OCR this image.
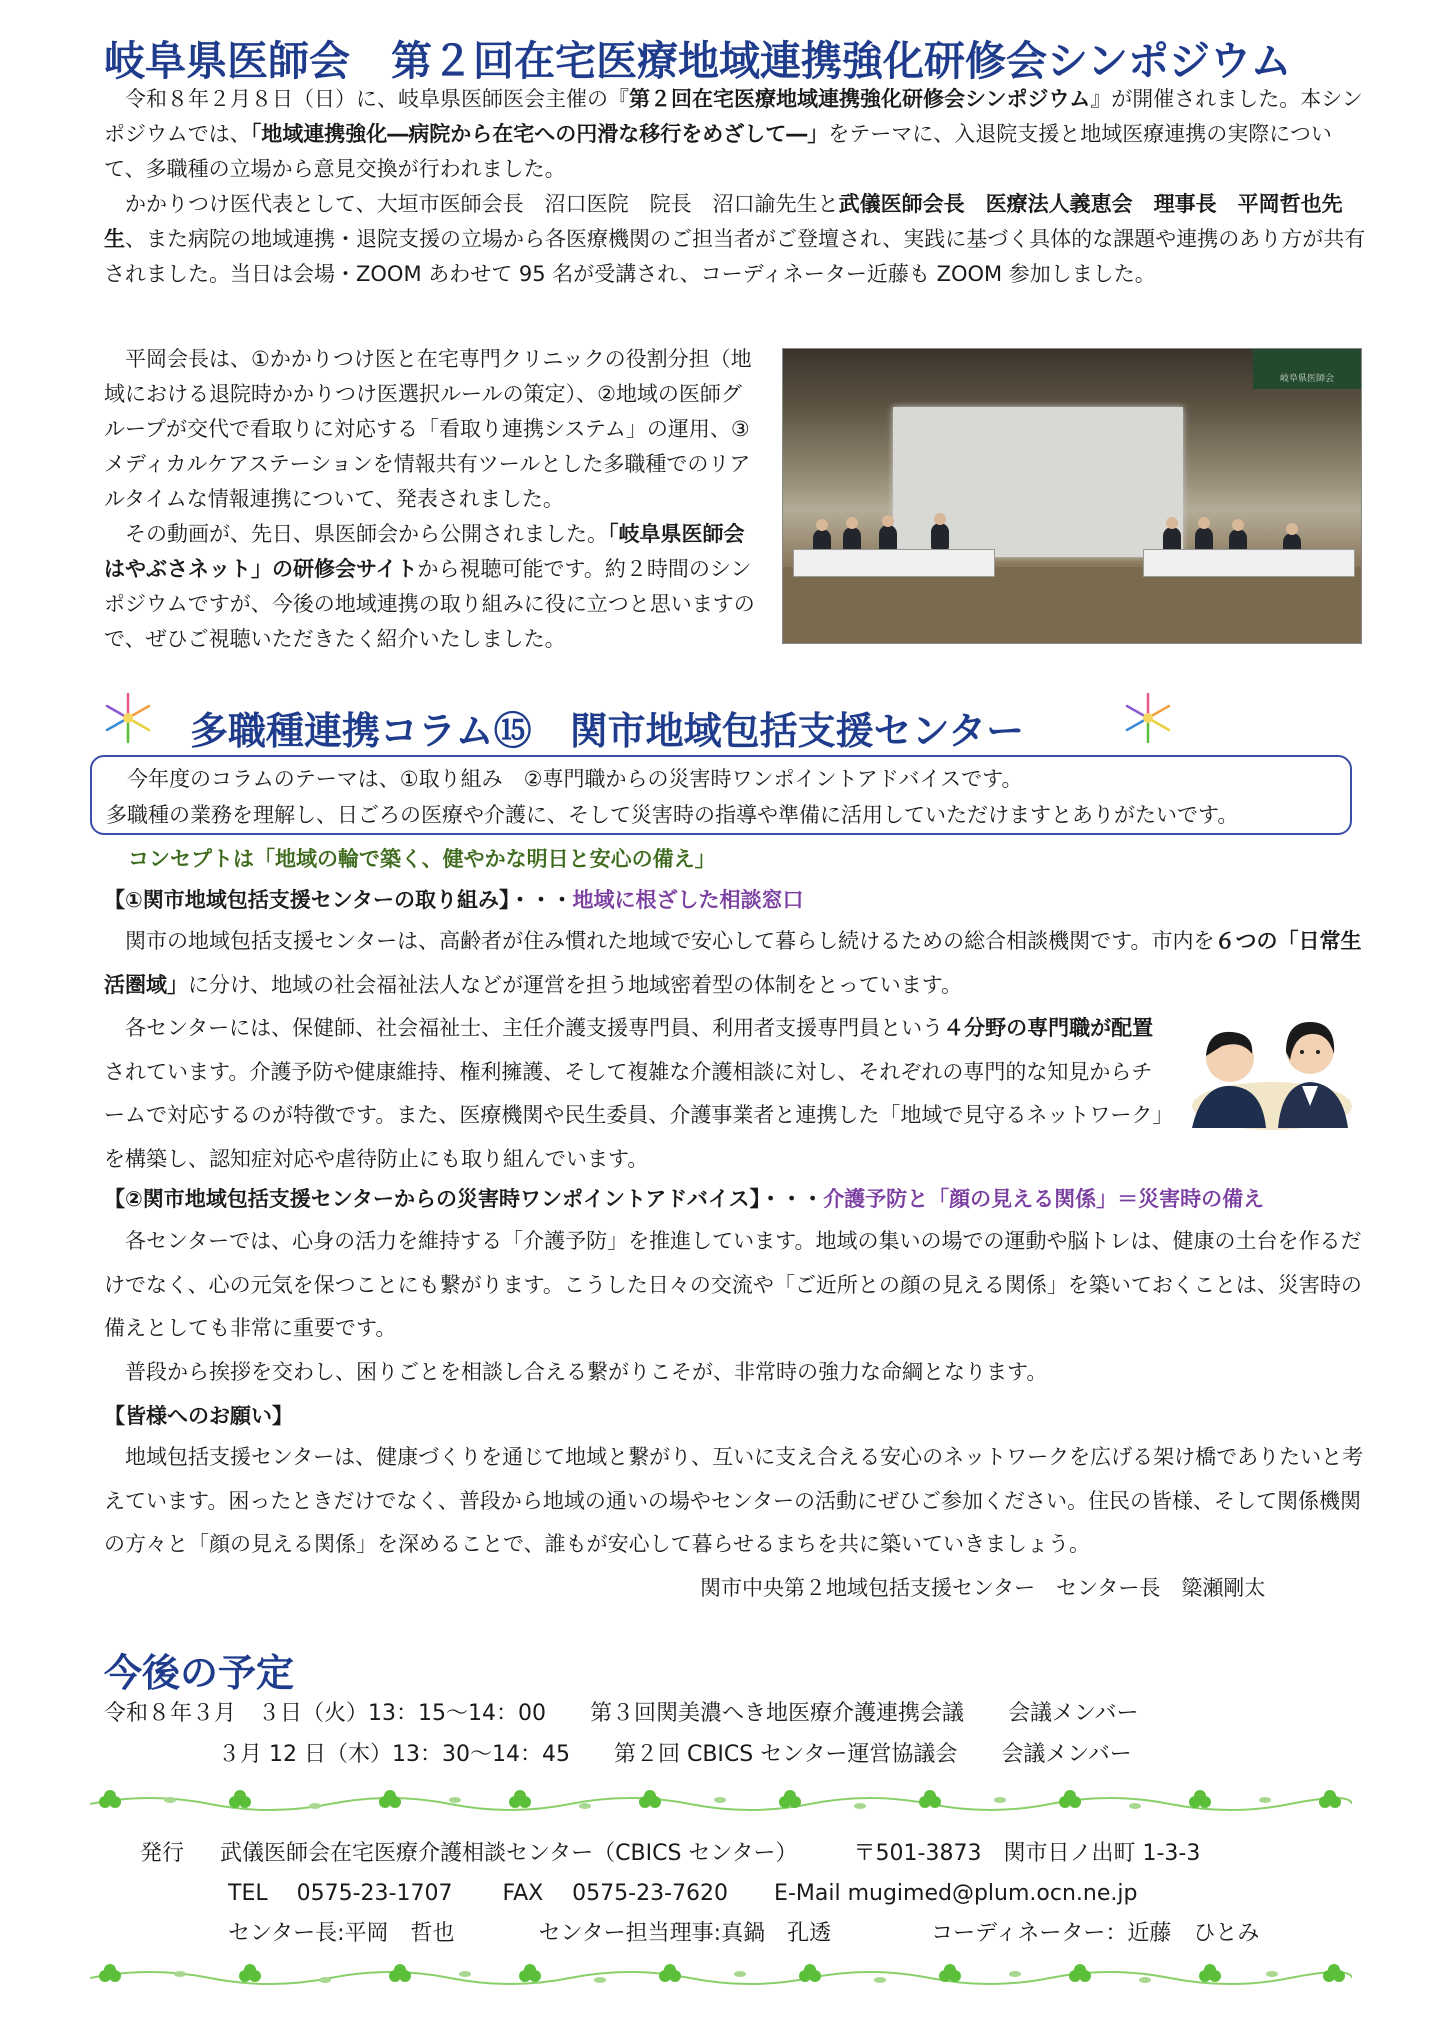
岐阜県医師会　第２回在宅医療地域連携強化研修会シンポジウム

令和８年２月８日（日）に、岐阜県医師医会主催の『第２回在宅医療地域連携強化研修会シンポジウム』が開催されました。本シンポジウムでは、「地域連携強化―病院から在宅への円滑な移行をめざして―」をテーマに、入退院支援と地域医療連携の実際について、多職種の立場から意見交換が行われました。

かかりつけ医代表として、大垣市医師会長　沼口医院　院長　沼口諭先生と武儀医師会長　医療法人義恵会　理事長　平岡哲也先生、また病院の地域連携・退院支援の立場から各医療機関のご担当者がご登壇され、実践に基づく具体的な課題や連携のあり方が共有されました。当日は会場・ZOOM あわせて 95 名が受講され、コーディネーター近藤も ZOOM 参加しました。

平岡会長は、①かかりつけ医と在宅専門クリニックの役割分担（地域における退院時かかりつけ医選択ルールの策定）、②地域の医師グループが交代で看取りに対応する「看取り連携システム」の運用、③メディカルケアステーションを情報共有ツールとした多職種でのリアルタイムな情報連携について、発表されました。

その動画が、先日、県医師会から公開されました。「岐阜県医師会　はやぶさネット」の研修会サイトから視聴可能です。約２時間のシンポジウムですが、今後の地域連携の取り組みに役に立つと思いますので、ぜひご視聴いただきたく紹介いたしました。

岐阜県医師会
多職種連携コラム⑮　関市地域包括支援センター

今年度のコラムのテーマは、①取り組み　②専門職からの災害時ワンポイントアドバイスです。

多職種の業務を理解し、日ごろの医療や介護に、そして災害時の指導や準備に活用していただけますとありがたいです。

コンセプトは「地域の輪で築く、健やかな明日と安心の備え」
【①関市地域包括支援センターの取り組み】・・・地域に根ざした相談窓口

関市の地域包括支援センターは、高齢者が住み慣れた地域で安心して暮らし続けるための総合相談機関です。市内を６つの「日常生活圏域」に分け、地域の社会福祉法人などが運営を担う地域密着型の体制をとっています。

各センターには、保健師、社会福祉士、主任介護支援専門員、利用者支援専門員という４分野の専門職が配置されています。介護予防や健康維持、権利擁護、そして複雑な介護相談に対し、それぞれの専門的な知見からチームで対応するのが特徴です。また、医療機関や民生委員、介護事業者と連携した「地域で見守るネットワーク」を構築し、認知症対応や虐待防止にも取り組んでいます。

【②関市地域包括支援センターからの災害時ワンポイントアドバイス】・・・介護予防と「顔の見える関係」＝災害時の備え

各センターでは、心身の活力を維持する「介護予防」を推進しています。地域の集いの場での運動や脳トレは、健康の土台を作るだけでなく、心の元気を保つことにも繋がります。こうした日々の交流や「ご近所との顔の見える関係」を築いておくことは、災害時の備えとしても非常に重要です。

普段から挨拶を交わし、困りごとを相談し合える繋がりこそが、非常時の強力な命綱となります。

【皆様へのお願い】

地域包括支援センターは、健康づくりを通じて地域と繋がり、互いに支え合える安心のネットワークを広げる架け橋でありたいと考えています。困ったときだけでなく、普段から地域の通いの場やセンターの活動にぜひご参加ください。住民の皆様、そして関係機関の方々と「顔の見える関係」を深めることで、誰もが安心して暮らせるまちを共に築いていきましょう。

関市中央第２地域包括支援センター　センター長　簗瀬剛太
今後の予定
令和８年３月　３日（火）13：15～14：00　　第３回関美濃へき地医療介護連携会議　　会議メンバー
３月 12 日（木）13：30～14：45　　第２回 CBICS センター運営協議会　　会議メンバー
発行 武儀医師会在宅医療介護相談センター（CBICS センター）	〒501-3873　関市日ノ出町 1-3-3
TEL　 0575-23-1707 FAX　 0575-23-7620 E-Mail mugimed@plum.ocn.ne.jp
センター長:平岡　哲也	センター担当理事:真鍋　孔透	コーディネーター：近藤　ひとみ
